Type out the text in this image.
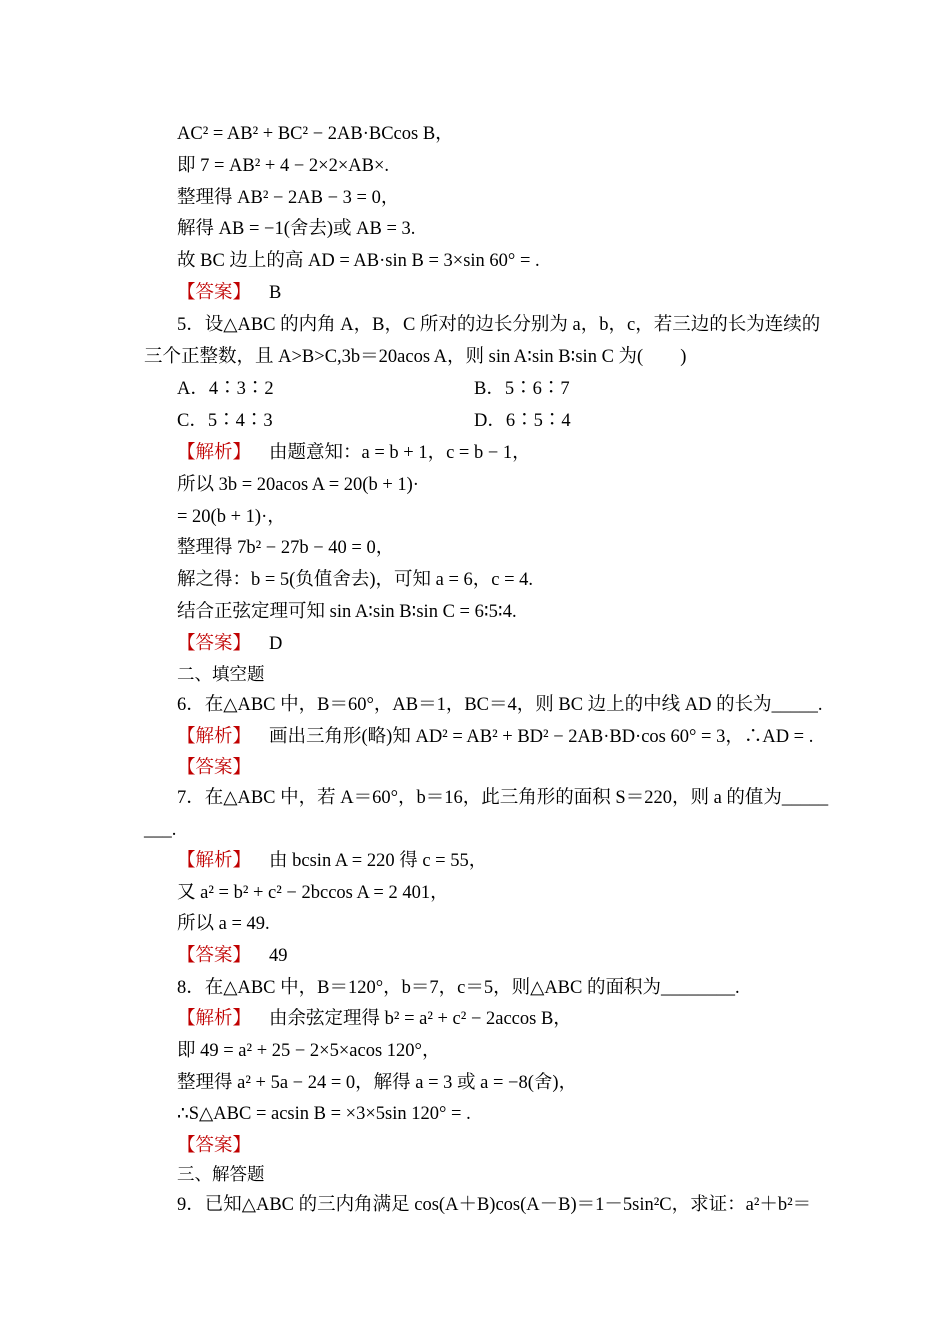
AC² = AB² + BC² − 2AB·BCcos B，
即 7 = AB² + 4 − 2×2×AB×.
整理得 AB² − 2AB − 3 = 0，
解得 AB = −1(舍去)或 AB = 3.
故 BC 边上的高 AD = AB·sin B = 3×sin 60° = .
【答案】 B
5．设△ABC 的内角 A，B，C 所对的边长分别为 a，b，c，若三边的长为连续的
三个正整数，且 A>B>C,3b＝20acos A，则 sin A∶sin B∶sin C 为(　　)
A．4∶3∶2	B．5∶6∶7
C．5∶4∶3	D．6∶5∶4
【解析】 由题意知：a = b + 1，c = b − 1，
所以 3b = 20acos A = 20(b + 1)·
= 20(b + 1)·，
整理得 7b² − 27b − 40 = 0，
解之得：b = 5(负值舍去)，可知 a = 6，c = 4.
结合正弦定理可知 sin A∶sin B∶sin C = 6∶5∶4.
【答案】 D
二、填空题
6．在△ABC 中，B＝60°，AB＝1，BC＝4，则 BC 边上的中线 AD 的长为_____.
【解析】 画出三角形(略)知 AD² = AB² + BD² − 2AB·BD·cos 60° = 3，∴AD = .
【答案】
7．在△ABC 中，若 A＝60°，b＝16，此三角形的面积 S＝220，则 a 的值为_____
___.
【解析】 由 bcsin A = 220 得 c = 55，
又 a² = b² + c² − 2bccos A = 2 401，
所以 a = 49.
【答案】 49
8．在△ABC 中，B＝120°，b＝7，c＝5，则△ABC 的面积为________.
【解析】 由余弦定理得 b² = a² + c² − 2accos B，
即 49 = a² + 25 − 2×5×acos 120°，
整理得 a² + 5a − 24 = 0，解得 a = 3 或 a = −8(舍)，
∴S△ABC = acsin B = ×3×5sin 120° = .
【答案】
三、解答题
9．已知△ABC 的三内角满足 cos(A＋B)cos(A－B)＝1－5sin²C，求证：a²＋b²＝
